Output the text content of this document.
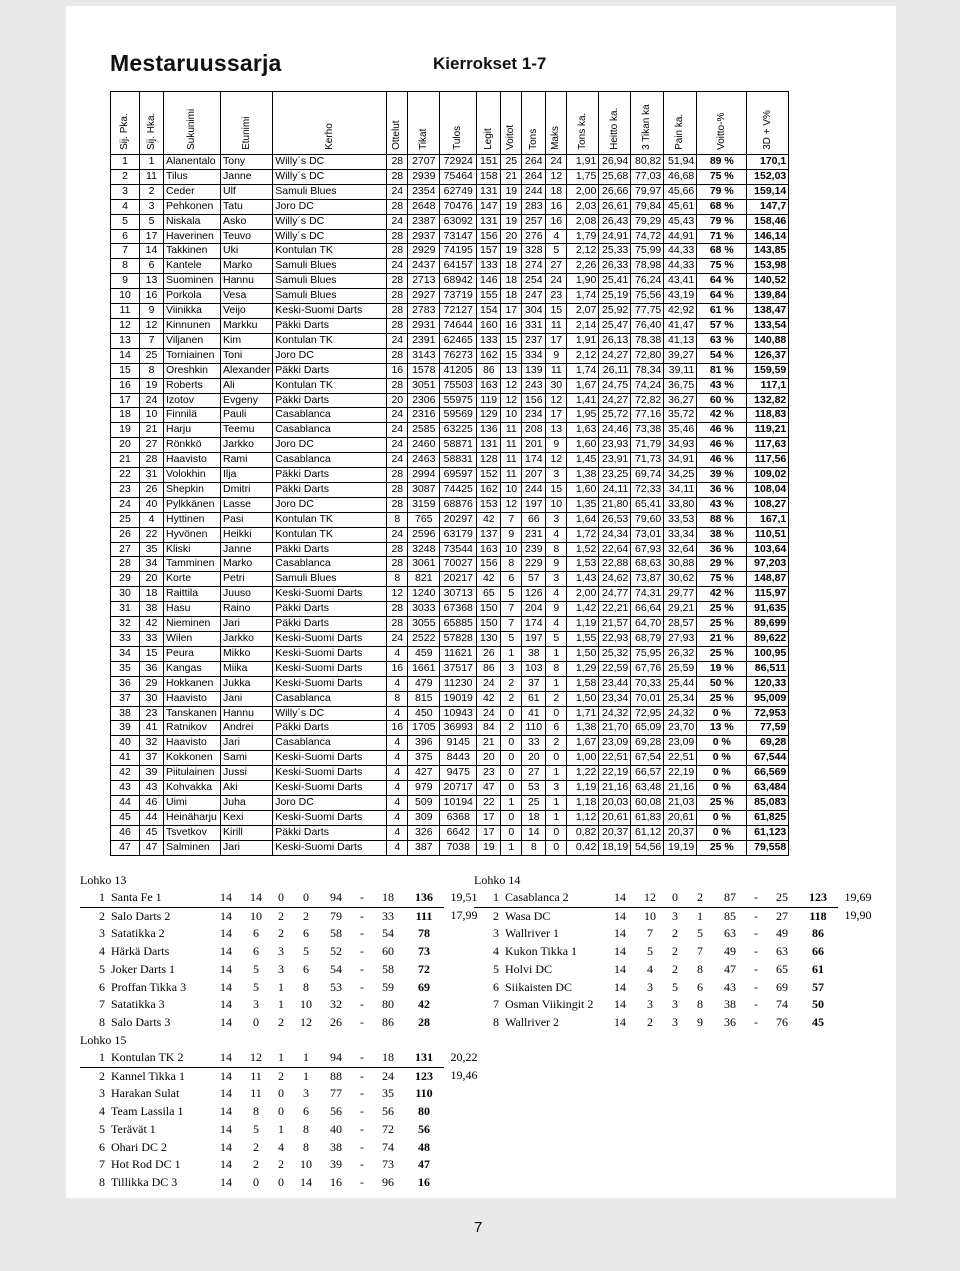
Mestaruussarja	Kierrokset 1-7
Sij. Pka.	Sij. Hka.	Sukunimi	Etunimi	Kerho	Ottelut	Tikat	Tulos	Legit	Voitot	Tons	Maks	Tons ka.	Heitto ka.	3 Tikan ka	Pain ka.	Voitto-%	3D + V%

1	1	Alanentalo	Tony	Willy´s DC	28	2707	72924	151	25	264	24	1,91	26,94	80,82	51,94	89 %	170,1
2	11	Tilus	Janne	Willy´s DC	28	2939	75464	158	21	264	12	1,75	25,68	77,03	46,68	75 %	152,03
3	2	Ceder	Ulf	Samuli Blues	24	2354	62749	131	19	244	18	2,00	26,66	79,97	45,66	79 %	159,14
4	3	Pehkonen	Tatu	Joro DC	28	2648	70476	147	19	283	16	2,03	26,61	79,84	45,61	68 %	147,7
5	5	Niskala	Asko	Willy´s DC	24	2387	63092	131	19	257	16	2,08	26,43	79,29	45,43	79 %	158,46
6	17	Haverinen	Teuvo	Willy´s DC	28	2937	73147	156	20	276	4	1,79	24,91	74,72	44,91	71 %	146,14
7	14	Takkinen	Uki	Kontulan TK	28	2929	74195	157	19	328	5	2,12	25,33	75,99	44,33	68 %	143,85
8	6	Kantele	Marko	Samuli Blues	24	2437	64157	133	18	274	27	2,26	26,33	78,98	44,33	75 %	153,98
9	13	Suominen	Hannu	Samuli Blues	28	2713	68942	146	18	254	24	1,90	25,41	76,24	43,41	64 %	140,52
10	16	Porkola	Vesa	Samuli Blues	28	2927	73719	155	18	247	23	1,74	25,19	75,56	43,19	64 %	139,84
11	9	Viinikka	Veijo	Keski-Suomi Darts	28	2783	72127	154	17	304	15	2,07	25,92	77,75	42,92	61 %	138,47
12	12	Kinnunen	Markku	Päkki Darts	28	2931	74644	160	16	331	11	2,14	25,47	76,40	41,47	57 %	133,54
13	7	Viljanen	Kim	Kontulan TK	24	2391	62465	133	15	237	17	1,91	26,13	78,38	41,13	63 %	140,88
14	25	Torniainen	Toni	Joro DC	28	3143	76273	162	15	334	9	2,12	24,27	72,80	39,27	54 %	126,37
15	8	Oreshkin	Alexander	Päkki Darts	16	1578	41205	86	13	139	11	1,74	26,11	78,34	39,11	81 %	159,59
16	19	Roberts	Ali	Kontulan TK	28	3051	75503	163	12	243	30	1,67	24,75	74,24	36,75	43 %	117,1
17	24	Izotov	Evgeny	Päkki Darts	20	2306	55975	119	12	156	12	1,41	24,27	72,82	36,27	60 %	132,82
18	10	Finnilä	Pauli	Casablanca	24	2316	59569	129	10	234	17	1,95	25,72	77,16	35,72	42 %	118,83
19	21	Harju	Teemu	Casablanca	24	2585	63225	136	11	208	13	1,63	24,46	73,38	35,46	46 %	119,21
20	27	Rönkkö	Jarkko	Joro DC	24	2460	58871	131	11	201	9	1,60	23,93	71,79	34,93	46 %	117,63
21	28	Haavisto	Rami	Casablanca	24	2463	58831	128	11	174	12	1,45	23,91	71,73	34,91	46 %	117,56
22	31	Volokhin	Ilja	Päkki Darts	28	2994	69597	152	11	207	3	1,38	23,25	69,74	34,25	39 %	109,02
23	26	Shepkin	Dmitri	Päkki Darts	28	3087	74425	162	10	244	15	1,60	24,11	72,33	34,11	36 %	108,04
24	40	Pylkkänen	Lasse	Joro DC	28	3159	68876	153	12	197	10	1,35	21,80	65,41	33,80	43 %	108,27
25	4	Hyttinen	Pasi	Kontulan TK	8	765	20297	42	7	66	3	1,64	26,53	79,60	33,53	88 %	167,1
26	22	Hyvönen	Heikki	Kontulan TK	24	2596	63179	137	9	231	4	1,72	24,34	73,01	33,34	38 %	110,51
27	35	Kliski	Janne	Päkki Darts	28	3248	73544	163	10	239	8	1,52	22,64	67,93	32,64	36 %	103,64
28	34	Tamminen	Marko	Casablanca	28	3061	70027	156	8	229	9	1,53	22,88	68,63	30,88	29 %	97,203
29	20	Korte	Petri	Samuli Blues	8	821	20217	42	6	57	3	1,43	24,62	73,87	30,62	75 %	148,87
30	18	Raittila	Juuso	Keski-Suomi Darts	12	1240	30713	65	5	126	4	2,00	24,77	74,31	29,77	42 %	115,97
31	38	Hasu	Raino	Päkki Darts	28	3033	67368	150	7	204	9	1,42	22,21	66,64	29,21	25 %	91,635
32	42	Nieminen	Jari	Päkki Darts	28	3055	65885	150	7	174	4	1,19	21,57	64,70	28,57	25 %	89,699
33	33	Wilen	Jarkko	Keski-Suomi Darts	24	2522	57828	130	5	197	5	1,55	22,93	68,79	27,93	21 %	89,622
34	15	Peura	Mikko	Keski-Suomi Darts	4	459	11621	26	1	38	1	1,50	25,32	75,95	26,32	25 %	100,95
35	36	Kangas	Miika	Keski-Suomi Darts	16	1661	37517	86	3	103	8	1,29	22,59	67,76	25,59	19 %	86,511
36	29	Hokkanen	Jukka	Keski-Suomi Darts	4	479	11230	24	2	37	1	1,58	23,44	70,33	25,44	50 %	120,33
37	30	Haavisto	Jani	Casablanca	8	815	19019	42	2	61	2	1,50	23,34	70,01	25,34	25 %	95,009
38	23	Tanskanen	Hannu	Willy´s DC	4	450	10943	24	0	41	0	1,71	24,32	72,95	24,32	0 %	72,953
39	41	Ratnikov	Andrei	Päkki Darts	16	1705	36993	84	2	110	6	1,38	21,70	65,09	23,70	13 %	77,59
40	32	Haavisto	Jari	Casablanca	4	396	9145	21	0	33	2	1,67	23,09	69,28	23,09	0 %	69,28
41	37	Kokkonen	Sami	Keski-Suomi Darts	4	375	8443	20	0	20	0	1,00	22,51	67,54	22,51	0 %	67,544
42	39	Piitulainen	Jussi	Keski-Suomi Darts	4	427	9475	23	0	27	1	1,22	22,19	66,57	22,19	0 %	66,569
43	43	Kohvakka	Aki	Keski-Suomi Darts	4	979	20717	47	0	53	3	1,19	21,16	63,48	21,16	0 %	63,484
44	46	Uimi	Juha	Joro DC	4	509	10194	22	1	25	1	1,18	20,03	60,08	21,03	25 %	85,083
45	44	Heinäharju	Kexi	Keski-Suomi Darts	4	309	6368	17	0	18	1	1,12	20,61	61,83	20,61	0 %	61,825
46	45	Tsvetkov	Kirill	Päkki Darts	4	326	6642	17	0	14	0	0,82	20,37	61,12	20,37	0 %	61,123
47	47	Salminen	Jari	Keski-Suomi Darts	4	387	7038	19	1	8	0	0,42	18,19	54,56	19,19	25 %	79,558
Lohko 13
1	Santa Fe 1	14	14	0	0	94	-	18	136	19,51
2	Salo Darts 2	14	10	2	2	79	-	33	111	17,99
3	Satatikka 2	14	6	2	6	58	-	54	78	
4	Härkä Darts	14	6	3	5	52	-	60	73	
5	Joker Darts 1	14	5	3	6	54	-	58	72	
6	Proffan Tikka 3	14	5	1	8	53	-	59	69	
7	Satatikka 3	14	3	1	10	32	-	80	42	
8	Salo Darts 3	14	0	2	12	26	-	86	28	
Lohko 14
1	Casablanca 2	14	12	0	2	87	-	25	123	19,69
2	Wasa DC	14	10	3	1	85	-	27	118	19,90
3	Wallriver 1	14	7	2	5	63	-	49	86	
4	Kukon Tikka 1	14	5	2	7	49	-	63	66	
5	Holvi DC	14	4	2	8	47	-	65	61	
6	Siikaisten DC	14	3	5	6	43	-	69	57	
7	Osman Viikingit 2	14	3	3	8	38	-	74	50	
8	Wallriver 2	14	2	3	9	36	-	76	45	
Lohko 15
1	Kontulan TK 2	14	12	1	1	94	-	18	131	20,22
2	Kannel Tikka 1	14	11	2	1	88	-	24	123	19,46
3	Harakan Sulat	14	11	0	3	77	-	35	110	
4	Team Lassila 1	14	8	0	6	56	-	56	80	
5	Terävät 1	14	5	1	8	40	-	72	56	
6	Ohari DC 2	14	2	4	8	38	-	74	48	
7	Hot Rod DC 1	14	2	2	10	39	-	73	47	
8	Tillikka DC 3	14	0	0	14	16	-	96	16	
7
